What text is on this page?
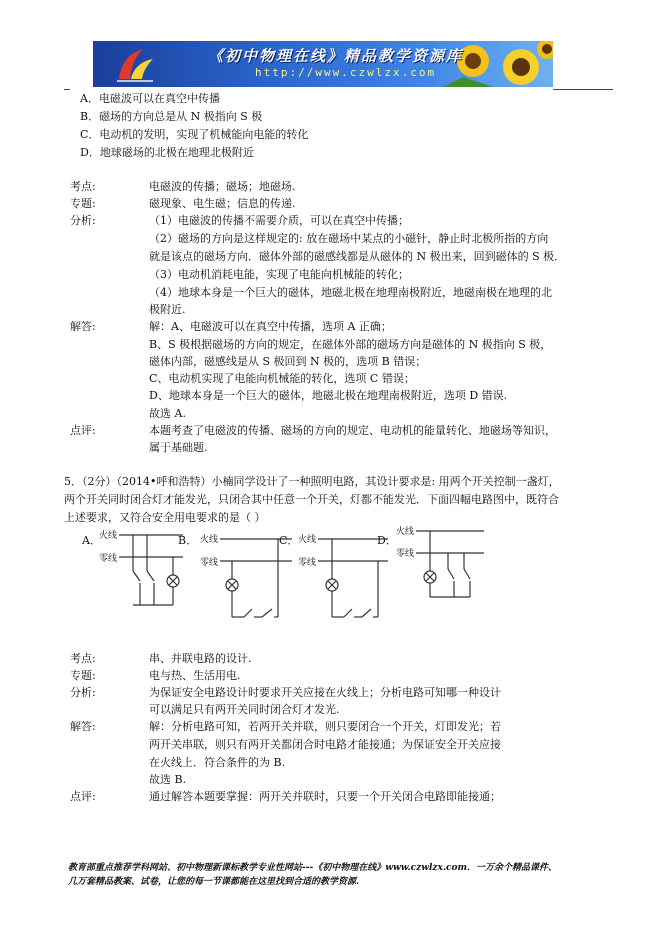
《初中物理在线》精品教学资源库
http://www.czwlzx.com
A．电磁波可以在真空中传播
B．磁场的方向总是从 N 极指向 S 极
C．电动机的发明，实现了机械能向电能的转化
D．地球磁场的北极在地理北极附近
考点:	电磁波的传播；磁场；地磁场.
专题:	磁现象、电生磁；信息的传递.
分析:	（1）电磁波的传播不需要介质，可以在真空中传播；
（2）磁场的方向是这样规定的: 放在磁场中某点的小磁针，静止时北极所指的方向
就是该点的磁场方向．磁体外部的磁感线都是从磁体的 N 极出来，回到磁体的 S 极．
（3）电动机消耗电能，实现了电能向机械能的转化；
（4）地球本身是一个巨大的磁体，地磁北极在地理南极附近，地磁南极在地理的北
极附近.
解答:	解：A、电磁波可以在真空中传播，选项 A 正确；
B、S 极根据磁场的方向的规定，在磁体外部的磁场方向是磁体的 N 极指向 S 极，
磁体内部，磁感线是从 S 极回到 N 极的，选项 B 错误；
C、电动机实现了电能向机械能的转化，选项 C 错误；
D、地球本身是一个巨大的磁体，地磁北极在地理南极附近，选项 D 错误.
故选 A.
点评:	本题考查了电磁波的传播、磁场的方向的规定、电动机的能量转化、地磁场等知识，
属于基础题.
5．（2分）（2014•呼和浩特）小楠同学设计了一种照明电路，其设计要求是: 用两个开关控制一盏灯，
两个开关同时闭合灯才能发光，只闭合其中任意一个开关，灯都不能发光．下面四幅电路图中，既符合
上述要求，又符合安全用电要求的是（ ）
A．	B．	C．	D．
火线
零线
火线
零线
火线
零线
火线
零线
考点:	串、并联电路的设计.
专题:	电与热、生活用电.
分析:	为保证安全电路设计时要求开关应接在火线上；分析电路可知哪一种设计
可以满足只有两开关同时闭合灯才发光.
解答:	解：分析电路可知，若两开关并联，则只要闭合一个开关，灯即发光；若
两开关串联，则只有两开关都闭合时电路才能接通；为保证安全开关应接
在火线上．符合条件的为 B.
故选 B.
点评:	通过解答本题要掌握：两开关并联时，只要一个开关闭合电路即能接通；
教育部重点推荐学科网站、初中物理新课标教学专业性网站---《初中物理在线》www.czwlzx.com．一万余个精品课件、
几万套精品教案、试卷，让您的每一节课都能在这里找到合适的教学资源.
